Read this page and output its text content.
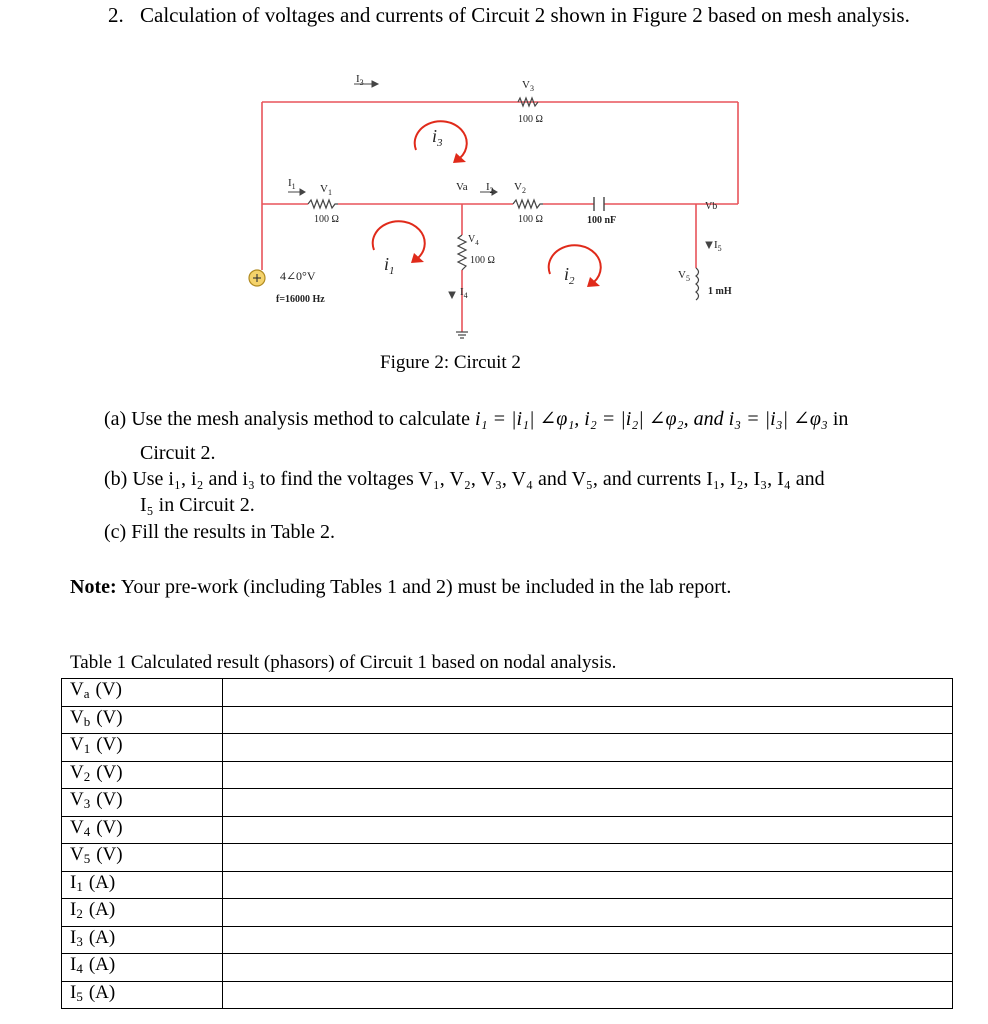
2. Calculation of voltages and currents of Circuit 2 shown in Figure 2 based on mesh analysis.
$I_3$	$V_3$
100 Ω
$i_3$
$I_1$ $V_1$
100 Ω
Va $I_2$ $V_2$
100 Ω	100 nF
Vb
$V_4$
100 Ω
$I_4$
$i_1$	$i_2$
$I_5$
$V_5$
1 mH
4∠0°V
f=16000 Hz
Figure 2: Circuit 2
(a) Use the mesh analysis method to calculate i₁ = |i₁| ∠φ₁, i₂ = |i₂| ∠φ₂, and i₃ = |i₃| ∠φ₃ in
Circuit 2.
(b) Use i₁, i₂ and i₃ to find the voltages V₁, V₂, V₃, V₄ and V₅, and currents I₁, I₂, I₃, I₄ and
I₅ in Circuit 2.
(c) Fill the results in Table 2.
Note: Your pre-work (including Tables 1 and 2) must be included in the lab report.
Table 1 Calculated result (phasors) of Circuit 1 based on nodal analysis.
$V_a$ (V)	
$V_b$ (V)	
$V_1$ (V)	
$V_2$ (V)	
$V_3$ (V)	
$V_4$ (V)	
$V_5$ (V)	
$I_1$ (A)	
$I_2$ (A)	
$I_3$ (A)	
$I_4$ (A)	
$I_5$ (A)	
